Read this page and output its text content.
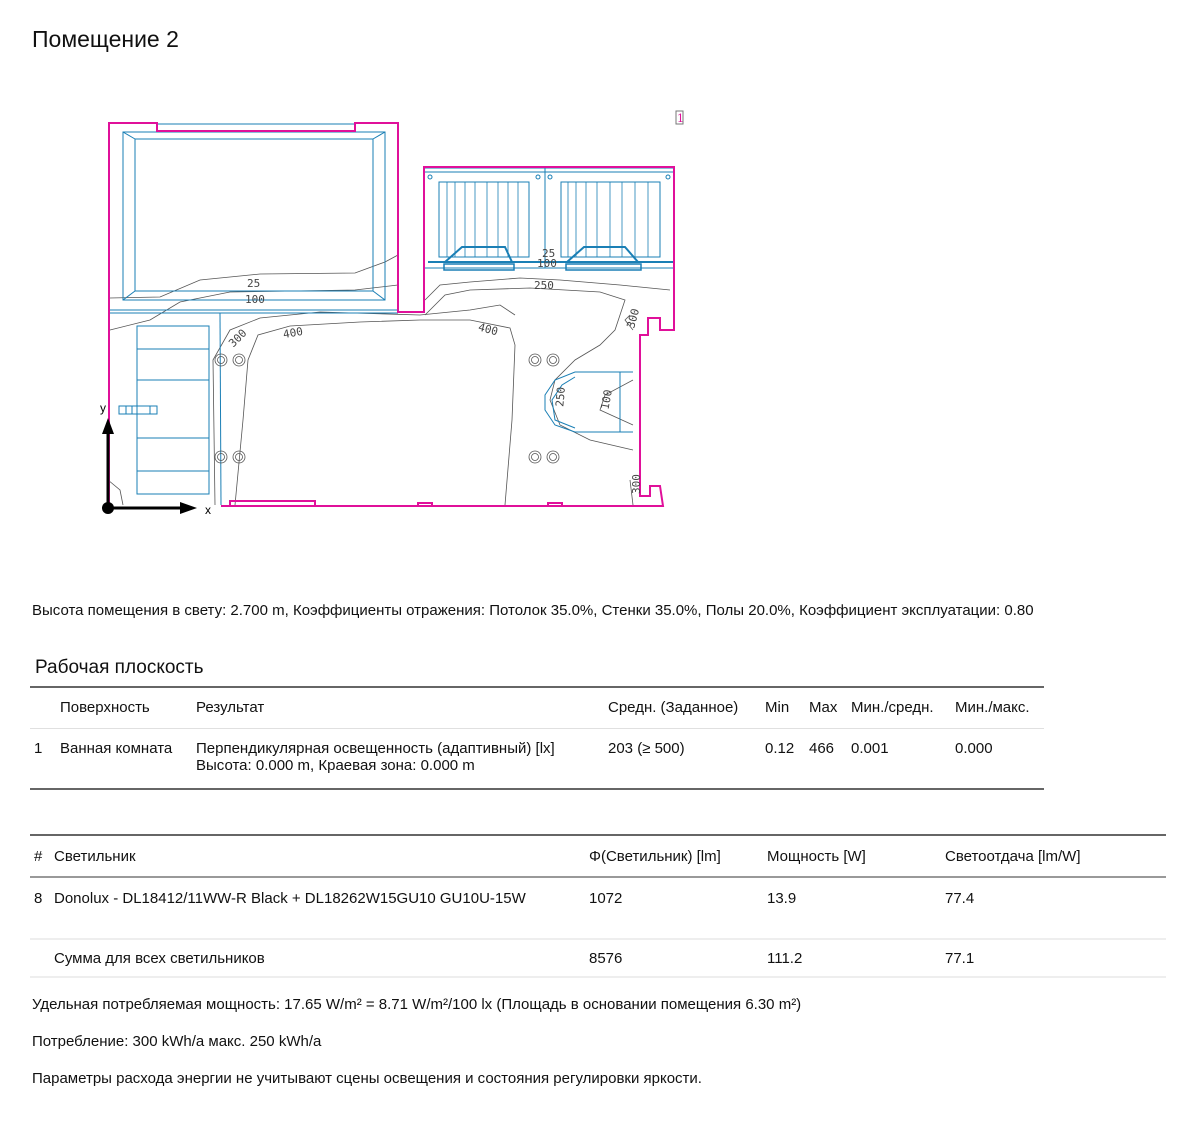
Помещение 2
25
100
300	400	400
25
100
250
300
250	100
300
y
x
1
Высота помещения в свету: 2.700 m, Коэффициенты отражения: Потолок 35.0%, Стенки 35.0%, Полы 20.0%, Коэффициент эксплуатации: 0.80
Рабочая плоскость
	Поверхность	Результат	Средн. (Заданное)	Min	Max	Мин./средн.	Мин./макс.
1	Ванная комната	Перпендикулярная освещенность (адаптивный) [lx]
Высота: 0.000 m, Краевая зона: 0.000 m	203 (≥ 500)	0.12	466	0.001	0.000
#	Светильник	Φ(Светильник) [lm]	Мощность [W]	Светоотдача [lm/W]
8	Donolux - DL18412/11WW-R Black + DL18262W15GU10 GU10U-15W	1072	13.9	77.4
	Сумма для всех светильников	8576	111.2	77.1
Удельная потребляемая мощность: 17.65 W/m² = 8.71 W/m²/100 lx (Площадь в основании помещения 6.30 m²)
Потребление: 300 kWh/a макс. 250 kWh/a
Параметры расхода энергии не учитывают сцены освещения и состояния регулировки яркости.
